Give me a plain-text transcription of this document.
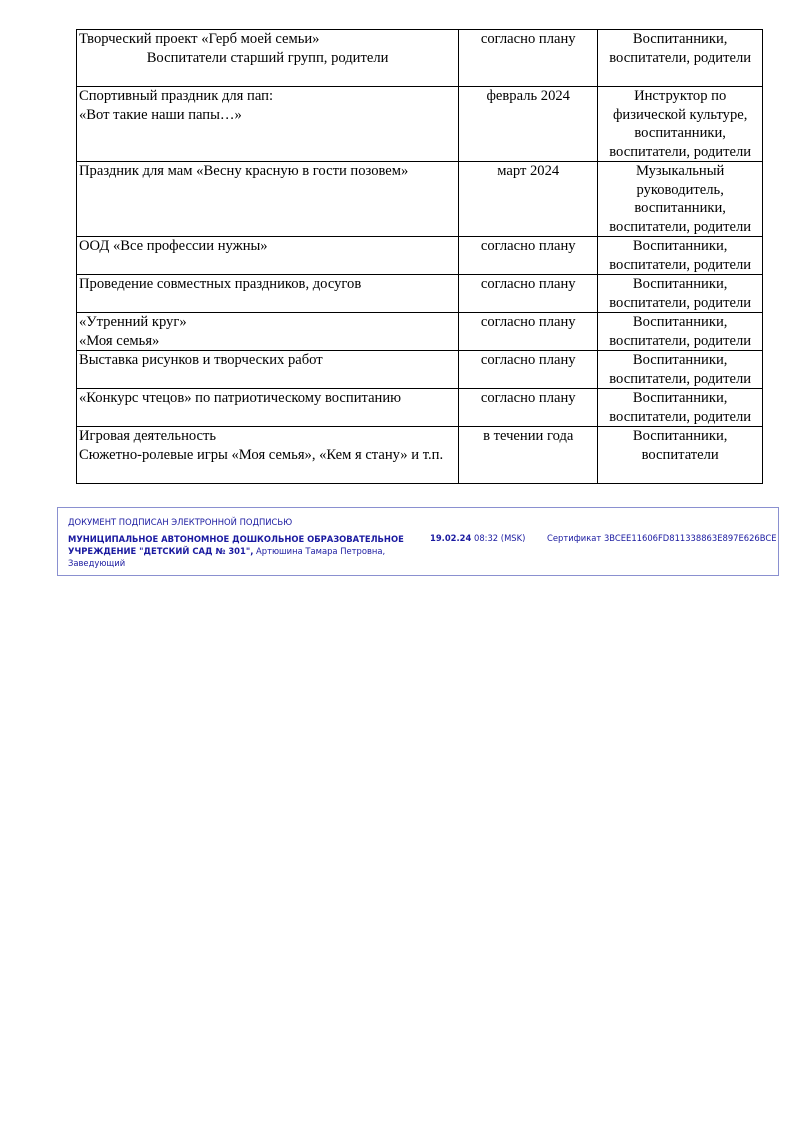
Творческий проект «Герб моей семьи»
Воспитатели старший групп, родители	согласно плану	Воспитанники, воспитатели, родители

Спортивный праздник для пап:
«Вот такие наши папы…»	февраль 2024	Инструктор по физической культуре, воспитанники, воспитатели, родители

Праздник для мам «Весну красную в гости позовем»	март 2024	Музыкальный руководитель, воспитанники, воспитатели, родители

ООД «Все профессии нужны»	согласно плану	Воспитанники, воспитатели, родители

Проведение совместных праздников, досугов	согласно плану	Воспитанники, воспитатели, родители

«Утренний круг»
«Моя семья»	согласно плану	Воспитанники, воспитатели, родители

Выставка рисунков и творческих работ	согласно плану	Воспитанники, воспитатели, родители

«Конкурс чтецов» по патриотическому воспитанию	согласно плану	Воспитанники, воспитатели, родители

Игровая деятельность
Сюжетно-ролевые игры «Моя семья», «Кем я стану» и т.п.	в течении года	Воспитанники, воспитатели
ДОКУМЕНТ ПОДПИСАН ЭЛЕКТРОННОЙ ПОДПИСЬЮ
МУНИЦИПАЛЬНОЕ АВТОНОМНОЕ ДОШКОЛЬНОЕ ОБРАЗОВАТЕЛЬНОЕ УЧРЕЖДЕНИЕ "ДЕТСКИЙ САД № 301", Артюшина Тамара Петровна,
Заведующий
19.02.24 08:32 (MSK)	Сертификат 3BCEE11606FD811338863E897E626BCE
